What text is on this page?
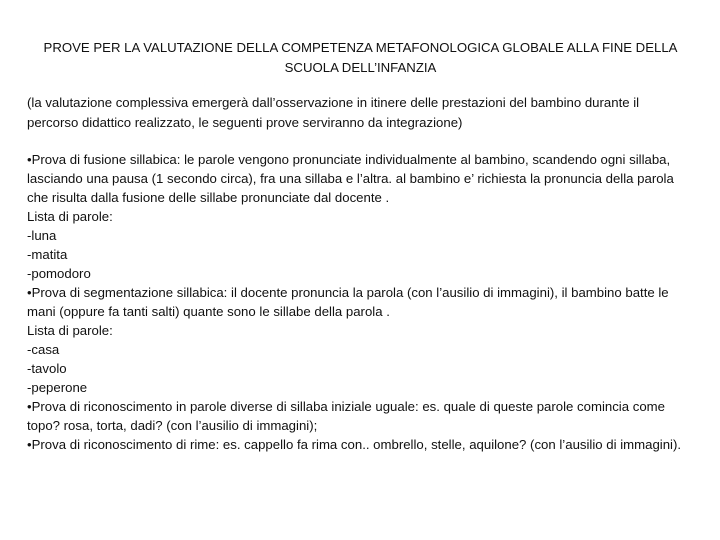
PROVE PER LA VALUTAZIONE DELLA COMPETENZA METAFONOLOGICA GLOBALE ALLA FINE DELLA SCUOLA DELL’INFANZIA
(la valutazione complessiva emergerà dall’osservazione in itinere delle prestazioni del bambino durante il percorso didattico realizzato, le seguenti prove serviranno da integrazione)
•Prova di fusione sillabica: le parole vengono pronunciate individualmente al bambino, scandendo ogni sillaba, lasciando una pausa (1 secondo circa), fra una sillaba e l’altra. al bambino e’ richiesta la pronuncia della parola che risulta dalla fusione delle sillabe pronunciate dal docente .
Lista di parole:
-luna
-matita
-pomodoro
•Prova di segmentazione sillabica: il docente pronuncia la parola (con l’ausilio di immagini), il bambino batte le mani (oppure fa tanti salti) quante sono le sillabe della parola .
Lista di parole:
-casa
-tavolo
-peperone
•Prova di riconoscimento in parole diverse di sillaba iniziale uguale: es. quale di queste parole comincia come topo? rosa, torta, dadi? (con l’ausilio di immagini);
•Prova di riconoscimento di rime: es. cappello fa rima con.. ombrello, stelle, aquilone? (con l’ausilio di immagini).
